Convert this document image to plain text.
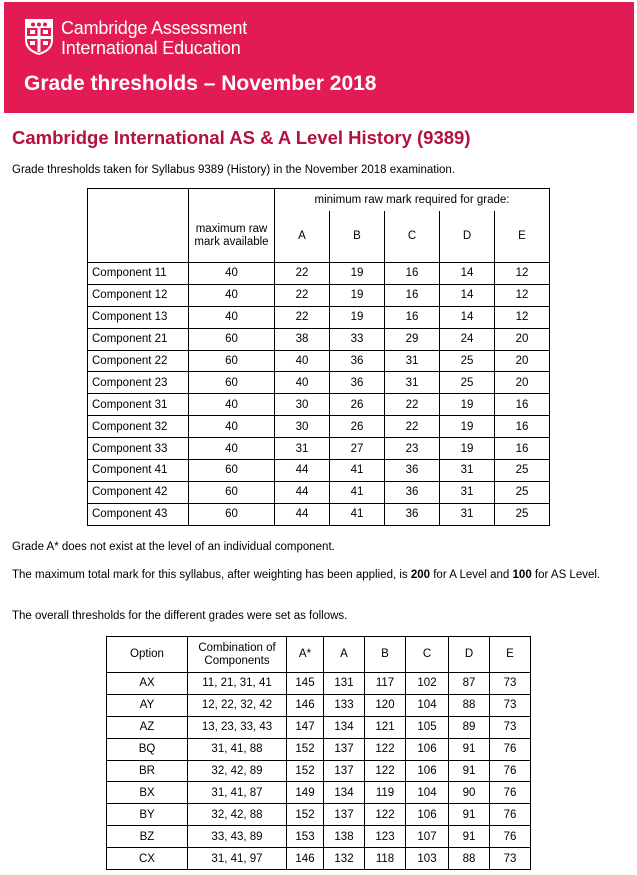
Cambridge Assessment
International Education
Grade thresholds – November 2018
Cambridge International AS & A Level History (9389)
Grade thresholds taken for Syllabus 9389 (History) in the November 2018 examination.
		minimum raw mark required for grade:				
	maximum raw mark available	A	B	C	D	E
Component 11	40	22	19	16	14	12
Component 12	40	22	19	16	14	12
Component 13	40	22	19	16	14	12
Component 21	60	38	33	29	24	20
Component 22	60	40	36	31	25	20
Component 23	60	40	36	31	25	20
Component 31	40	30	26	22	19	16
Component 32	40	30	26	22	19	16
Component 33	40	31	27	23	19	16
Component 41	60	44	41	36	31	25
Component 42	60	44	41	36	31	25
Component 43	60	44	41	36	31	25
Grade A* does not exist at the level of an individual component.
The maximum total mark for this syllabus, after weighting has been applied, is 200 for A Level and 100 for AS Level.
The overall thresholds for the different grades were set as follows.
Option	Combination of Components	A*	A	B	C	D	E
AX	11, 21, 31, 41	145	131	117	102	87	73
AY	12, 22, 32, 42	146	133	120	104	88	73
AZ	13, 23, 33, 43	147	134	121	105	89	73
BQ	31, 41, 88	152	137	122	106	91	76
BR	32, 42, 89	152	137	122	106	91	76
BX	31, 41, 87	149	134	119	104	90	76
BY	32, 42, 88	152	137	122	106	91	76
BZ	33, 43, 89	153	138	123	107	91	76
CX	31, 41, 97	146	132	118	103	88	73
